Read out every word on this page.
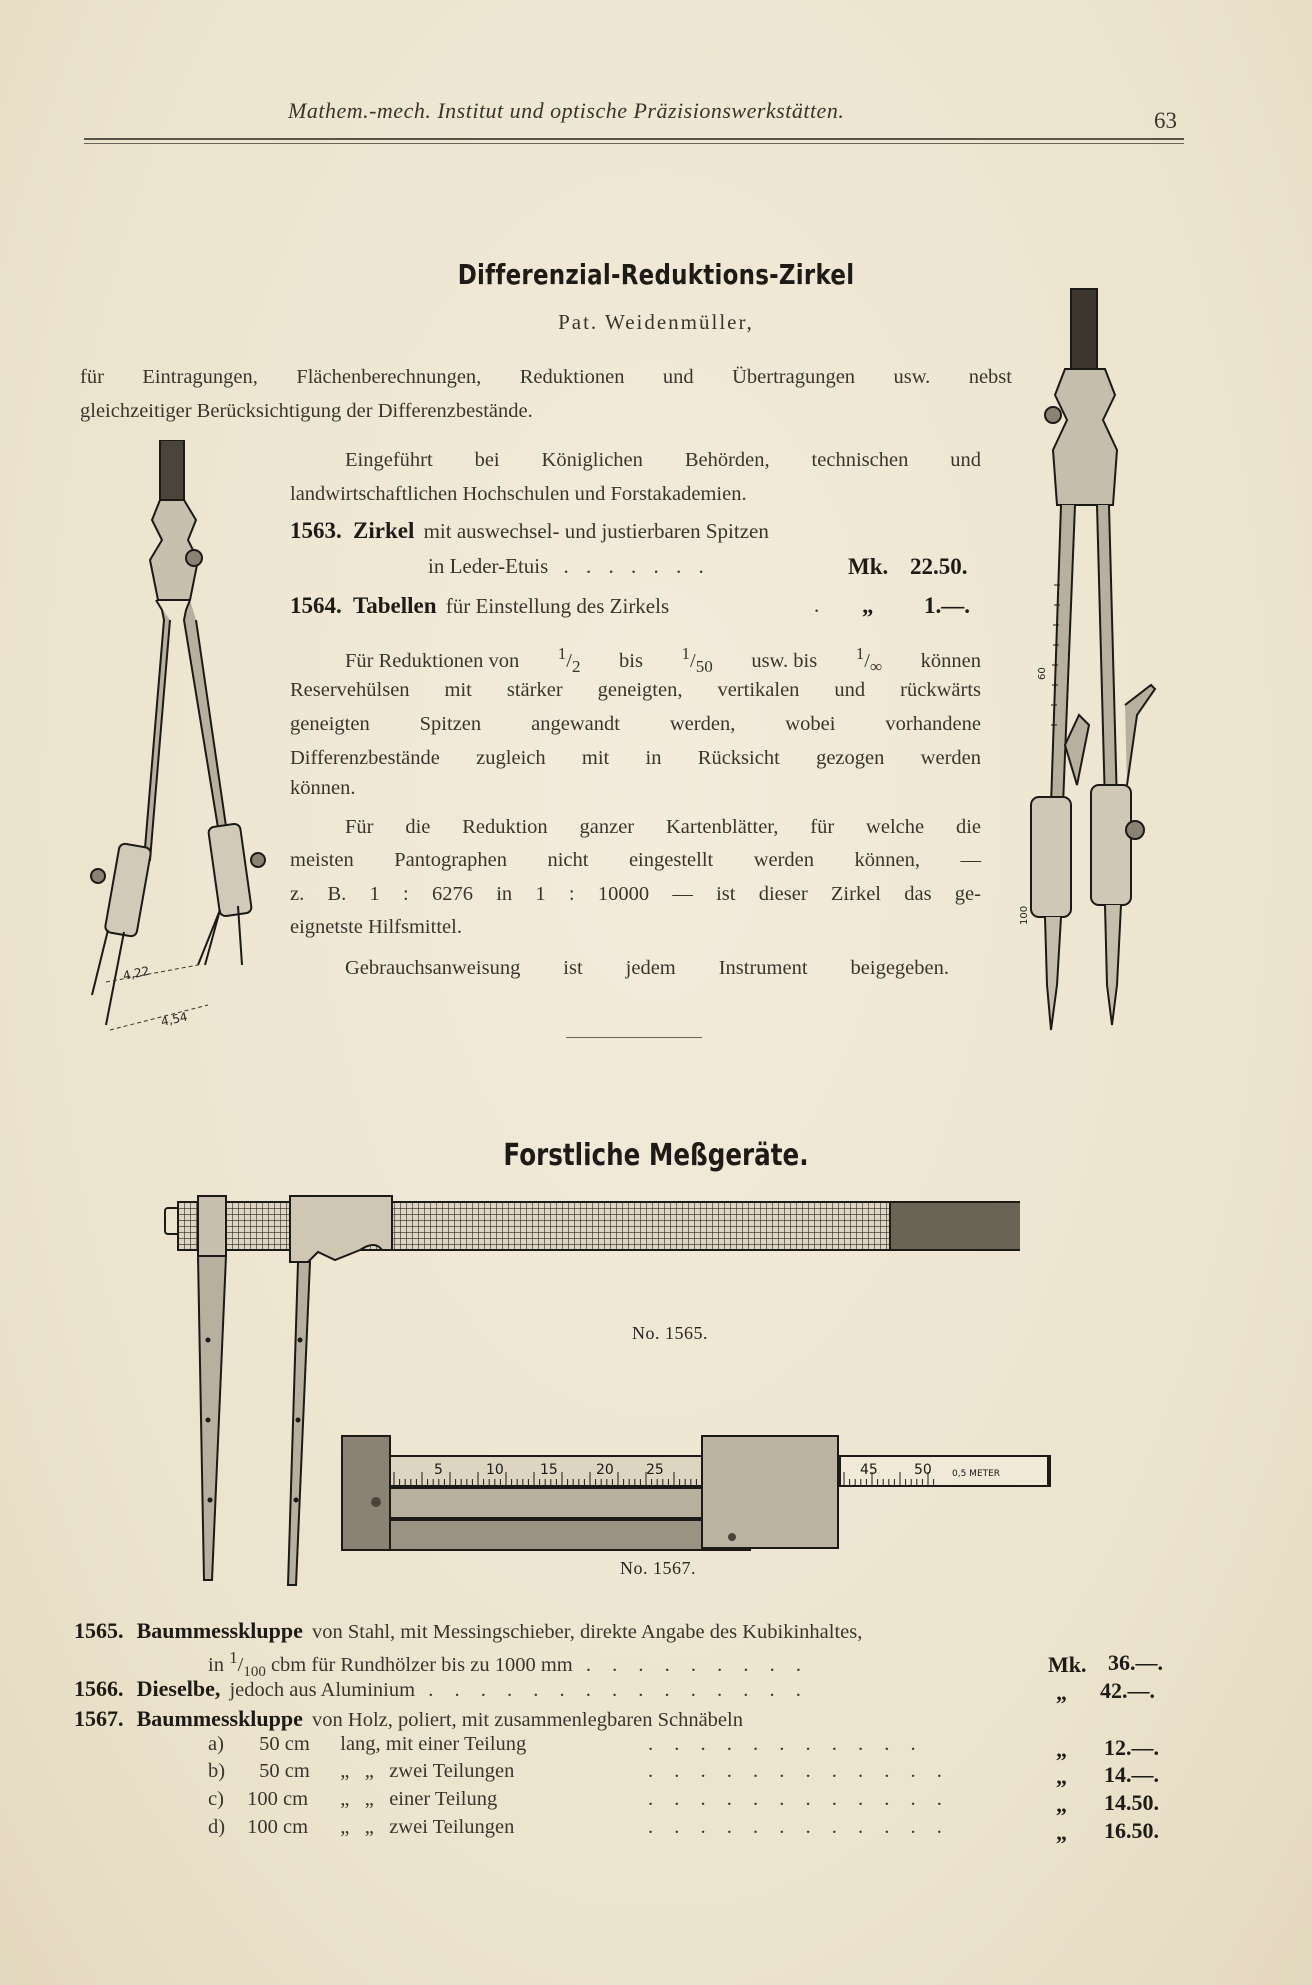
Mathem.-mech. Institut und optische Präzisionswerkstätten.	63
Differenzial-Reduktions-Zirkel
Pat. Weidenmüller,
für Eintragungen, Flächenberechnungen, Reduktionen und Übertragungen usw. nebst
gleichzeitiger Berücksichtigung der Differenzbestände.
Eingeführt bei Königlichen Behörden, technischen und
landwirtschaftlichen Hochschulen und Forstakademien.
1563. Zirkel mit auswechsel- und justierbaren Spitzen
in Leder-Etuis . . . . . . .	Mk. 22.50.
1564. Tabellen für Einstellung des Zirkels	. „ 1.—.
Für Reduktionen von $^1/_2$ bis $^1/_{50}$ usw. bis $^1/_\infty$ können
Reservehülsen mit stärker geneigten, vertikalen und rückwärts
geneigten Spitzen angewandt werden, wobei vorhandene
Differenzbestände zugleich mit in Rücksicht gezogen werden
können.
Für die Reduktion ganzer Kartenblätter, für welche die
meisten Pantographen nicht eingestellt werden können, —
z. B. 1 : 6276 in 1 : 10000 — ist dieser Zirkel das ge-
eignetste Hilfsmittel.
Gebrauchsanweisung ist jedem Instrument beigegeben.
4,22
4,54
60
100
Forstliche Meßgeräte.
No. 1565.
5	10	15	20 25	45	50 0,5 METER
No. 1567.
1565. Baummesskluppe von Stahl, mit Messingschieber, direkte Angabe des Kubikinhaltes,
in $^1/_{100}$ cbm für Rundhölzer bis zu 1000 mm . . . . . . . . .	Mk. 36.—.
1566. Dieselbe, jedoch aus Aluminium . . . . . . . . . . . . . . .	„ 42.—.
1567. Baummesskluppe von Holz, poliert, mit zusammenlegbaren Schnäbeln
a) 50 cm lang, mit einer Teilung	. . . . . . . . . . .	„ 12.—.
b) 50 cm „   „   zwei Teilungen	. . . . . . . . . . . .	„ 14.—.
c) 100 cm „   „   einer Teilung	. . . . . . . . . . . .	„ 14.50.
d) 100 cm „   „   zwei Teilungen	. . . . . . . . . . . .	„ 16.50.
